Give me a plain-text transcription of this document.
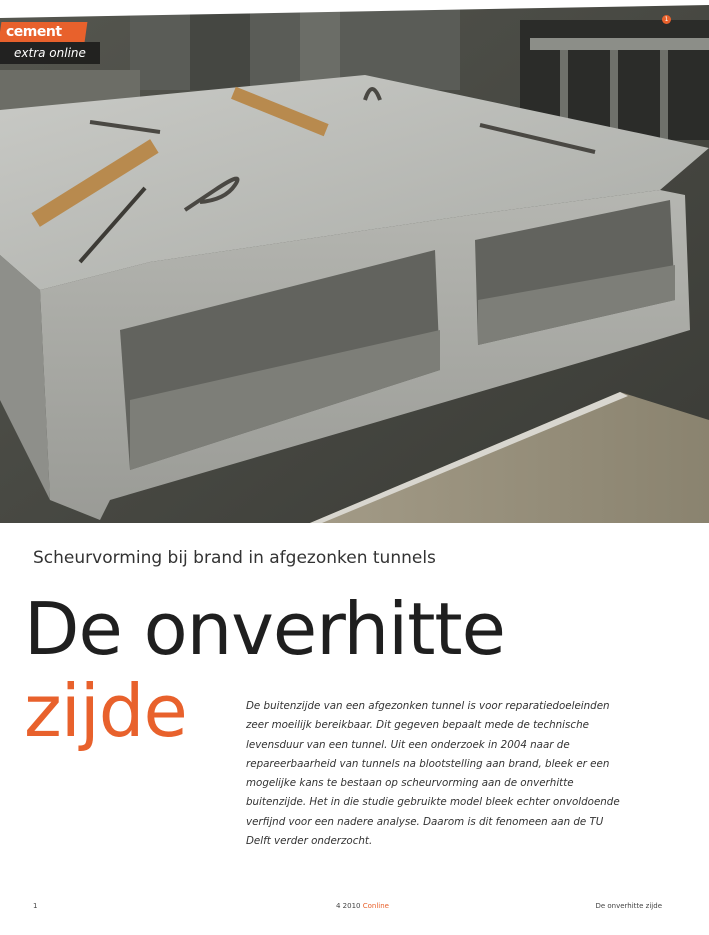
cement
extra online
1
Scheurvorming bij brand in afgezonken tunnels
De onverhitte
zijde	De buitenzijde van een afgezonken tunnel is voor reparatiedoeleinden zeer moeilijk bereikbaar. Dit gegeven bepaalt mede de technische levensduur van een tunnel. Uit een onderzoek in 2004 naar de repareerbaarheid van tunnels na blootstelling aan brand, bleek er een mogelijke kans te bestaan op scheurvorming aan de onverhitte buitenzijde. Het in die studie gebruikte model bleek echter onvoldoende verfijnd voor een nadere analyse. Daarom is dit fenomeen aan de TU Delft verder onderzocht.
1	4 2010 Conline	De onverhitte zijde
